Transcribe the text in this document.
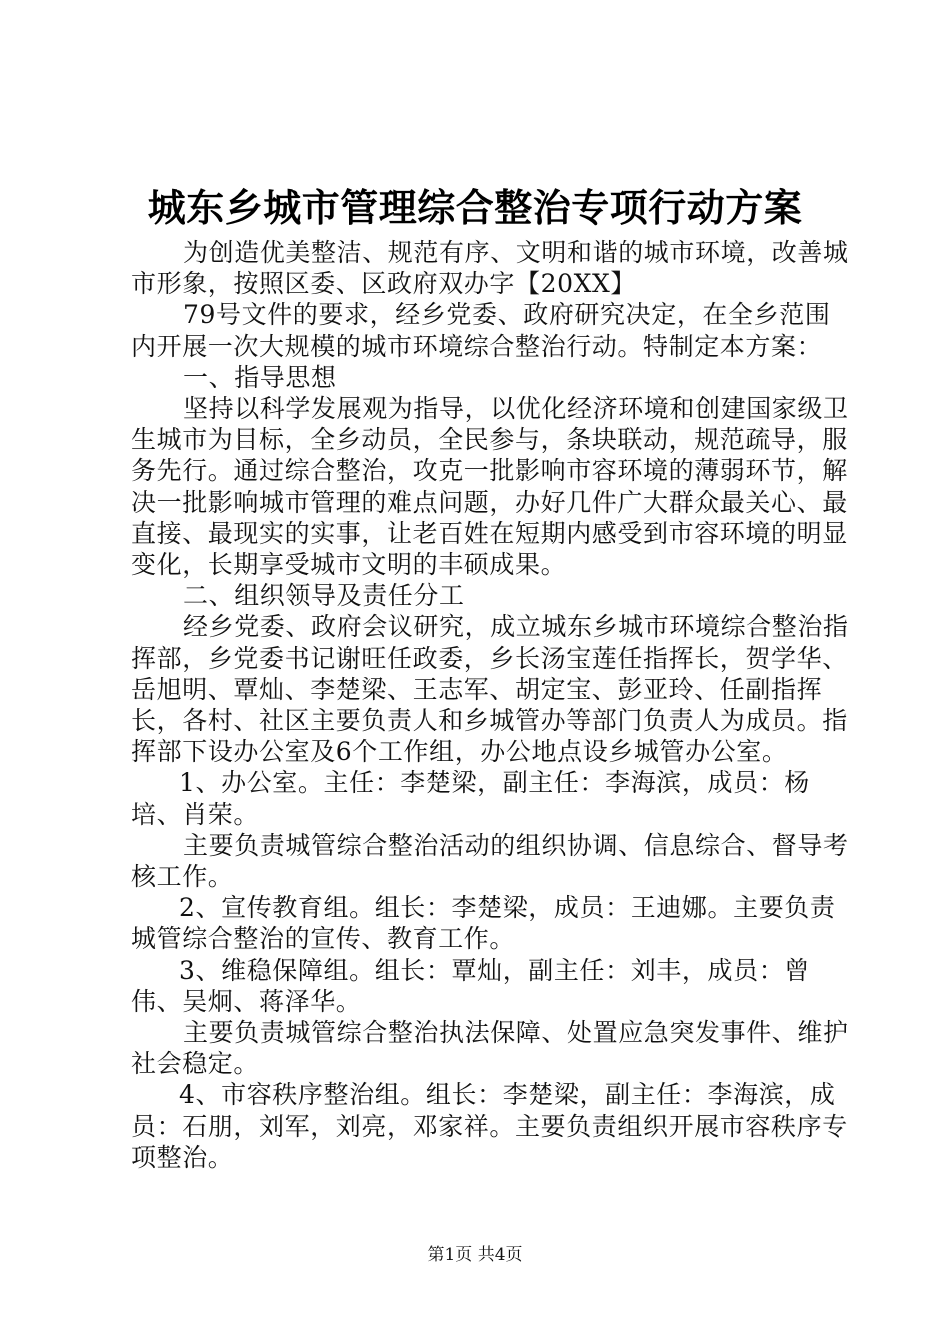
城东乡城市管理综合整治专项行动方案

为创造优美整洁、规范有序、文明和谐的城市环境，改善城市形象，按照区委、区政府双办字【20XX】

79号文件的要求，经乡党委、政府研究决定，在全乡范围内开展一次大规模的城市环境综合整治行动。特制定本方案：

一、指导思想

坚持以科学发展观为指导，以优化经济环境和创建国家级卫生城市为目标，全乡动员，全民参与，条块联动，规范疏导，服务先行。通过综合整治，攻克一批影响市容环境的薄弱环节，解决一批影响城市管理的难点问题，办好几件广大群众最关心、最直接、最现实的实事，让老百姓在短期内感受到市容环境的明显变化，长期享受城市文明的丰硕成果。

二、组织领导及责任分工

经乡党委、政府会议研究，成立城东乡城市环境综合整治指挥部，乡党委书记谢旺任政委，乡长汤宝莲任指挥长，贺学华、岳旭明、覃灿、李楚梁、王志军、胡定宝、彭亚玲、任副指挥长，各村、社区主要负责人和乡城管办等部门负责人为成员。指挥部下设办公室及6个工作组，办公地点设乡城管办公室。

1、办公室。主任：李楚梁，副主任：李海滨，成员：杨培、肖荣。

主要负责城管综合整治活动的组织协调、信息综合、督导考核工作。

2、宣传教育组。组长：李楚梁，成员：王迪娜。主要负责城管综合整治的宣传、教育工作。

3、维稳保障组。组长：覃灿，副主任：刘丰，成员：曾伟、吴炯、蒋泽华。

主要负责城管综合整治执法保障、处置应急突发事件、维护社会稳定。

4、市容秩序整治组。组长：李楚梁，副主任：李海滨，成员：石朋，刘军，刘亮，邓家祥。主要负责组织开展市容秩序专项整治。

第1页 共4页
